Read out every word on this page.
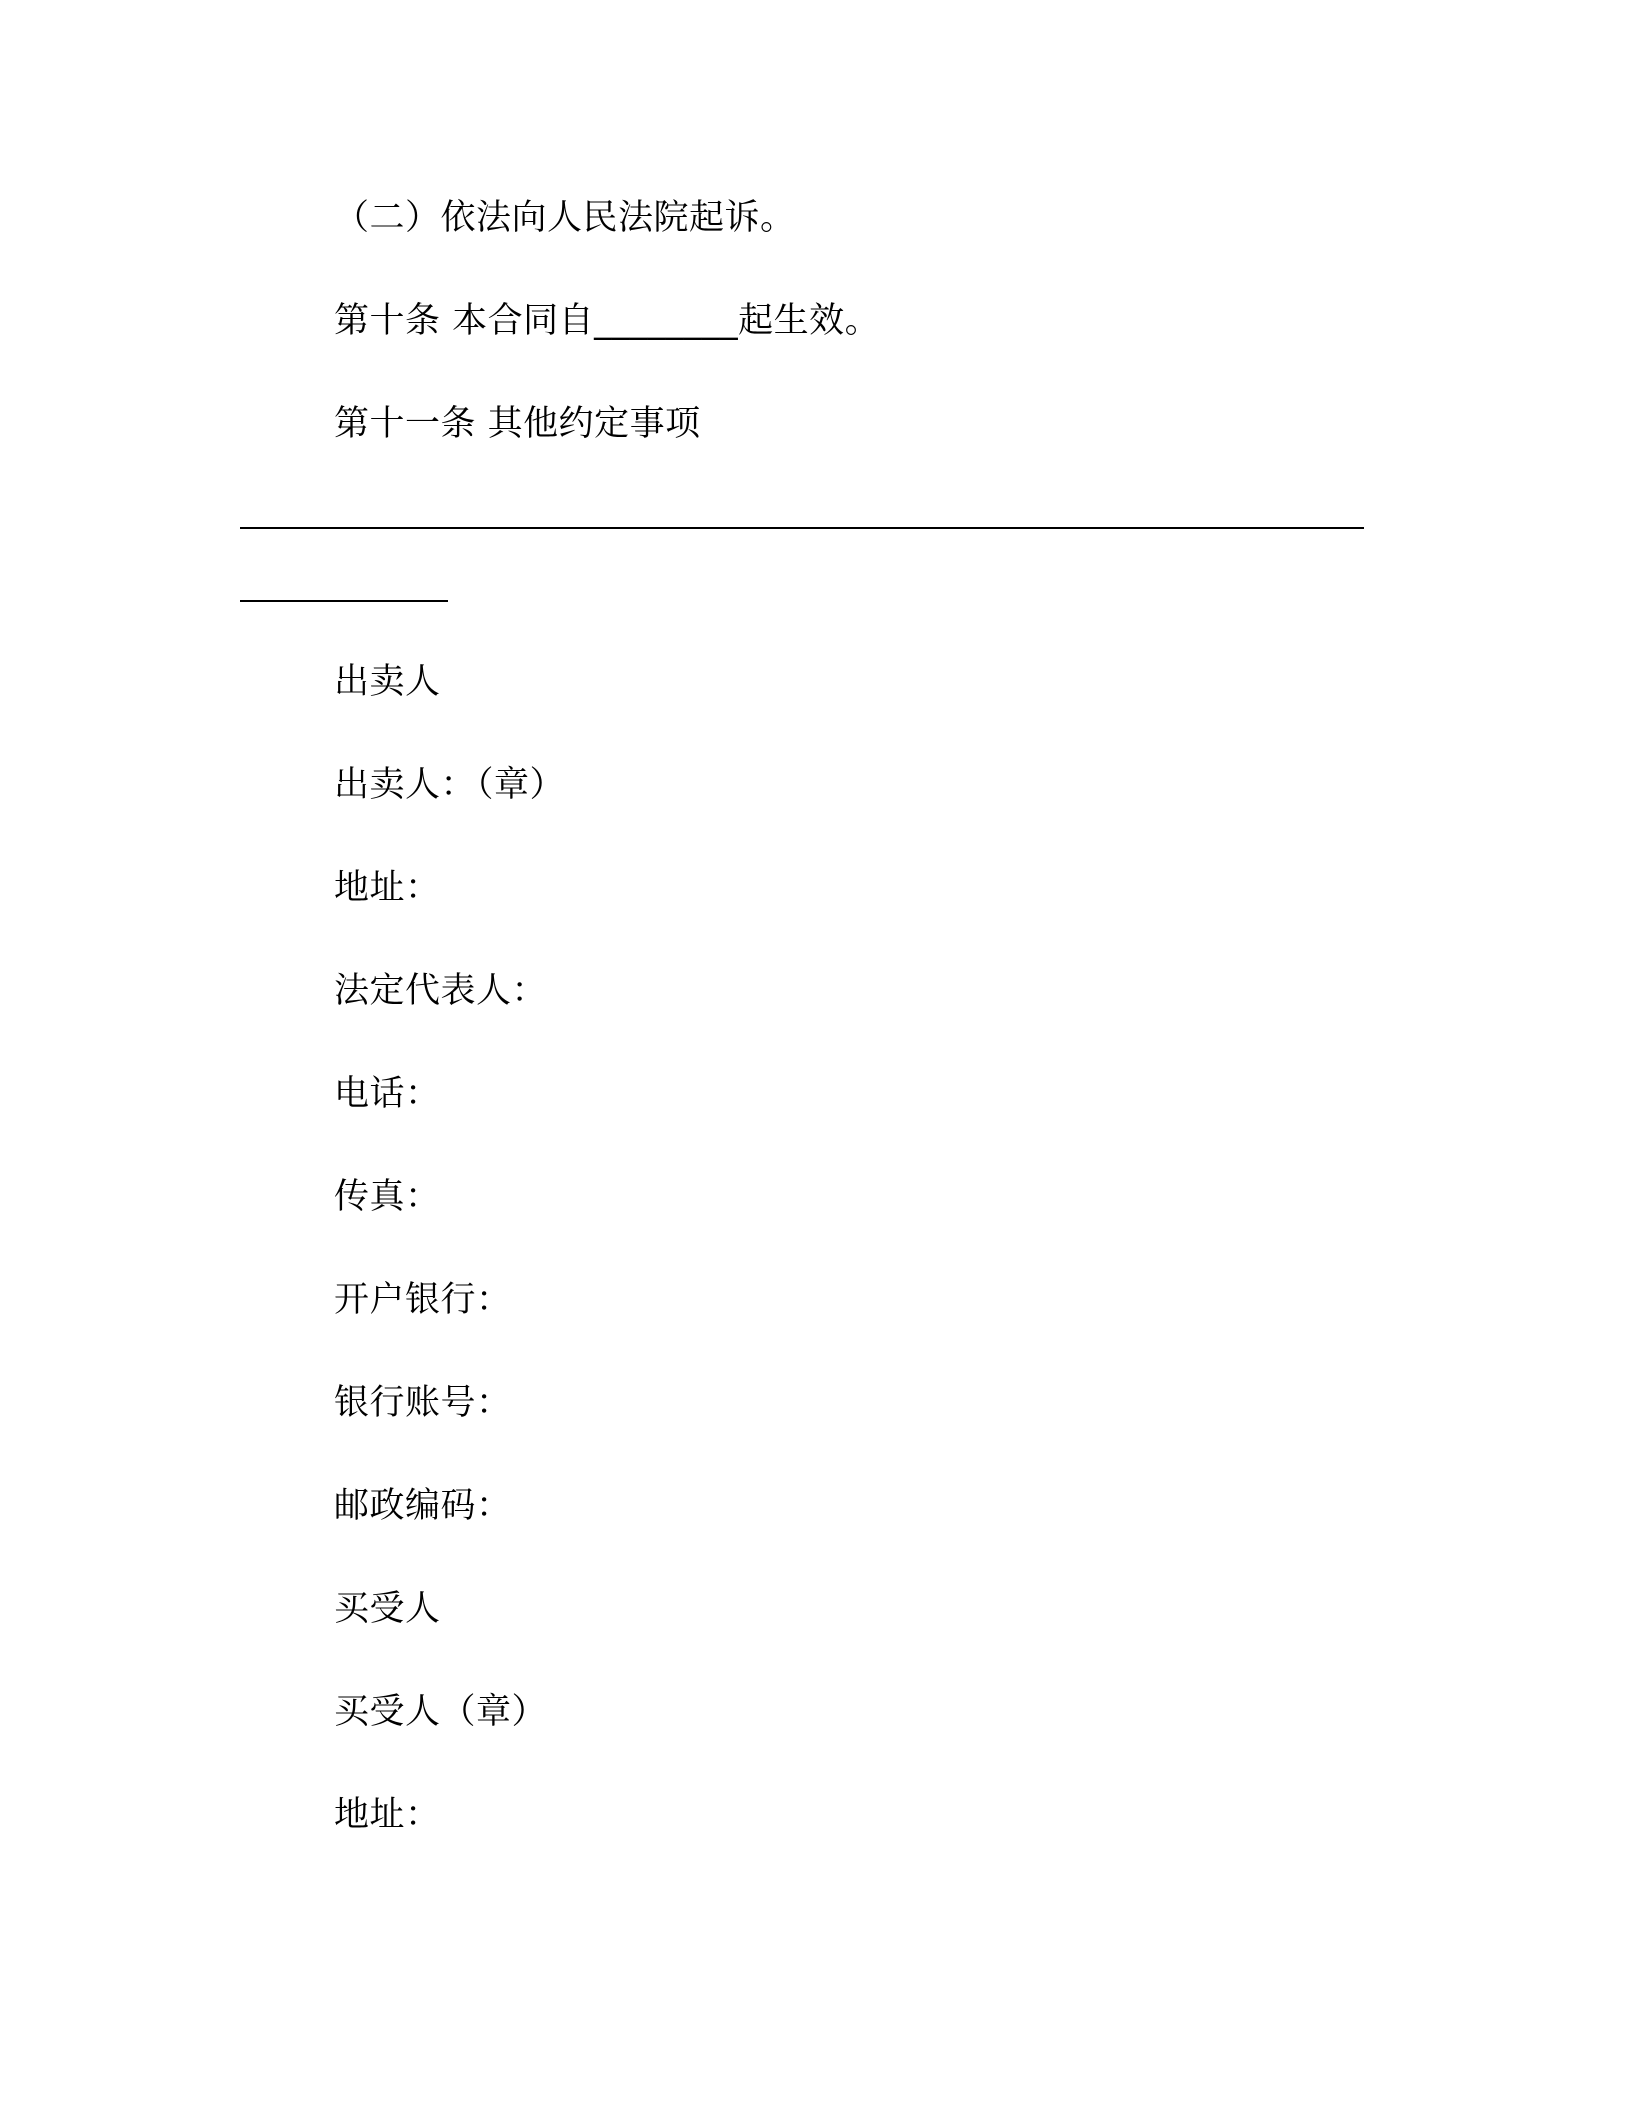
（二）依法向人民法院起诉。
第十条 本合同自________起生效。
第十一条 其他约定事项
出卖人
出卖人：（章）
地址：
法定代表人：
电话：
传真：
开户银行：
银行账号：
邮政编码：
买受人
买受人（章）
地址：
